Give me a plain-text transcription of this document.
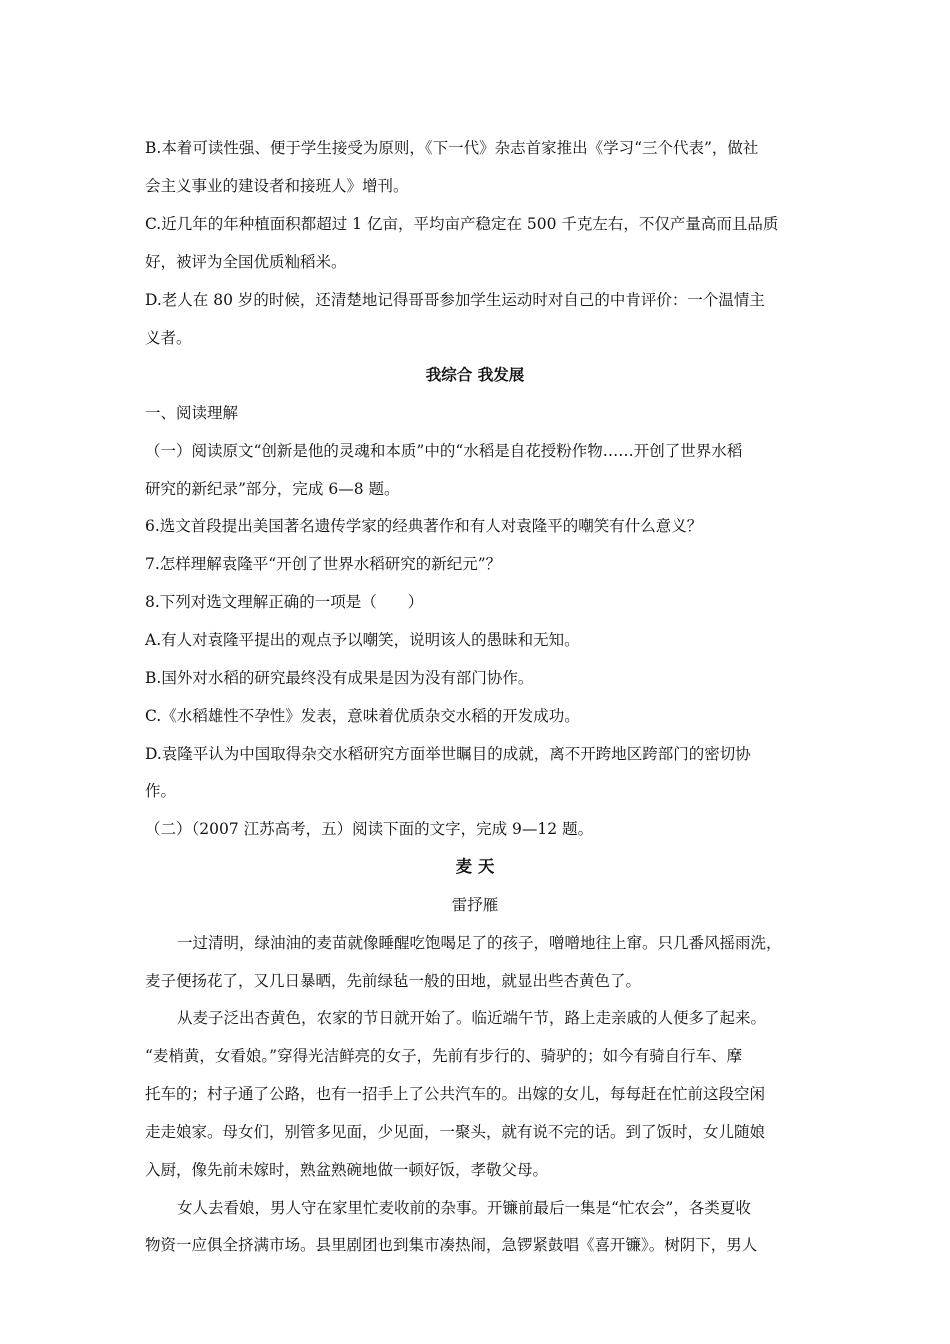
B.本着可读性强、便于学生接受为原则，《下一代》杂志首家推出《学习“三个代表”，做社
会主义事业的建设者和接班人》增刊。
C.近几年的年种植面积都超过 1 亿亩，平均亩产稳定在 500 千克左右，不仅产量高而且品质
好，被评为全国优质籼稻米。
D.老人在 80 岁的时候，还清楚地记得哥哥参加学生运动时对自己的中肯评价：一个温情主
义者。
我综合 我发展
一、阅读理解
（一）阅读原文“创新是他的灵魂和本质”中的“水稻是自花授粉作物……开创了世界水稻
研究的新纪录”部分，完成 6—8 题。
6.选文首段提出美国著名遗传学家的经典著作和有人对袁隆平的嘲笑有什么意义？
7.怎样理解袁隆平“开创了世界水稻研究的新纪元”？
8.下列对选文理解正确的一项是（　　）
A.有人对袁隆平提出的观点予以嘲笑，说明该人的愚昧和无知。
B.国外对水稻的研究最终没有成果是因为没有部门协作。
C.《水稻雄性不孕性》发表，意味着优质杂交水稻的开发成功。
D.袁隆平认为中国取得杂交水稻研究方面举世瞩目的成就，离不开跨地区跨部门的密切协
作。
（二）（2007 江苏高考，五）阅读下面的文字，完成 9—12 题。
麦 天
雷抒雁
一过清明，绿油油的麦苗就像睡醒吃饱喝足了的孩子，噌噌地往上窜。只几番风摇雨洗，
麦子便扬花了，又几日暴晒，先前绿毡一般的田地，就显出些杏黄色了。
从麦子泛出杏黄色，农家的节日就开始了。临近端午节，路上走亲戚的人便多了起来。
“麦梢黄，女看娘。”穿得光洁鲜亮的女子，先前有步行的、骑驴的；如今有骑自行车、摩
托车的；村子通了公路，也有一招手上了公共汽车的。出嫁的女儿，每每赶在忙前这段空闲
走走娘家。母女们，别管多见面，少见面，一聚头，就有说不完的话。到了饭时，女儿随娘
入厨，像先前未嫁时，熟盆熟碗地做一顿好饭，孝敬父母。
女人去看娘，男人守在家里忙麦收前的杂事。开镰前最后一集是“忙农会”，各类夏收
物资一应俱全挤满市场。县里剧团也到集市凑热闹，急锣紧鼓唱《喜开镰》。树阴下，男人
